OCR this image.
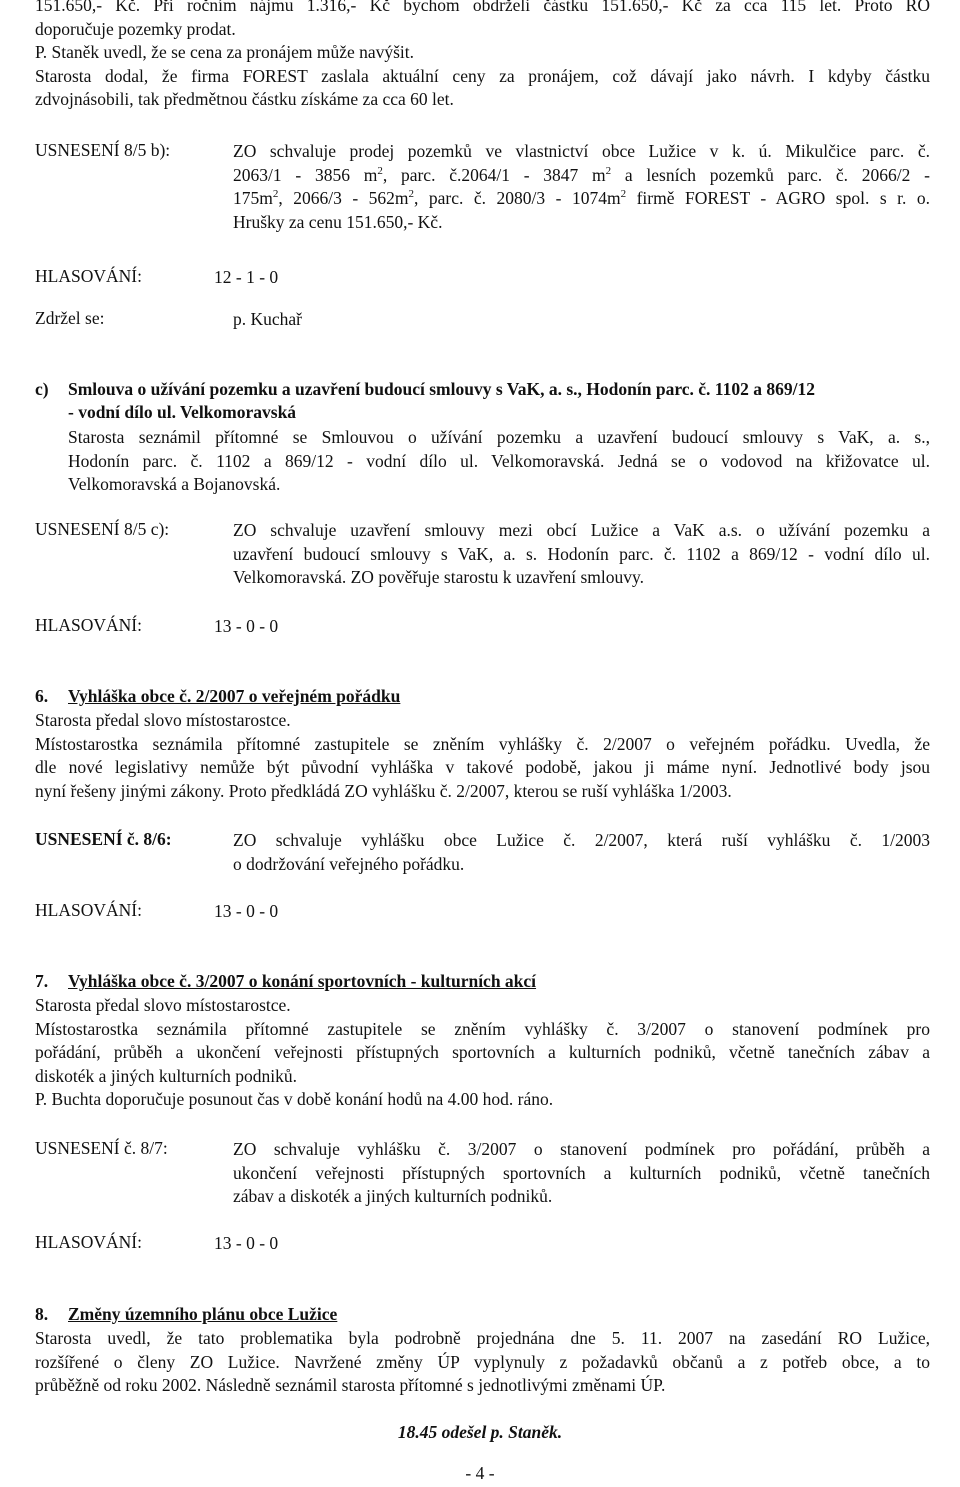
151.650,- Kč. Při ročním nájmu 1.316,- Kč bychom obdrželi částku 151.650,- Kč za cca 115 let. Proto RO
doporučuje pozemky prodat.
P. Staněk uvedl, že se cena za pronájem může navýšit.
Starosta dodal, že firma FOREST zaslala aktuální ceny za pronájem, což dávají jako návrh. I kdyby částku
zdvojnásobili, tak předmětnou částku získáme za cca 60 let.
USNESENÍ 8/5 b):	ZO schvaluje prodej pozemků ve vlastnictví obce Lužice v k. ú. Mikulčice parc. č.
2063/1 - 3856 $m^2$, parc. č.2064/1 - 3847 $m^2$ a lesních pozemků parc. č. 2066/2 -
$175m^2$, $2066/3 - 562m^2$, parc. č. $2080/3 - 1074m^2$ firmě FOREST - AGRO spol. s r. o.
Hrušky za cenu 151.650,- Kč.
HLASOVÁNÍ:	12 - 1 - 0
Zdržel se:	p. Kuchař
c) Smlouva o užívání pozemku a uzavření budoucí smlouvy s VaK, a. s., Hodonín parc. č. 1102 a 869/12
- vodní dílo ul. Velkomoravská
Starosta seznámil přítomné se Smlouvou o užívání pozemku a uzavření budoucí smlouvy s VaK, a. s.,
Hodonín parc. č. 1102 a 869/12 - vodní dílo ul. Velkomoravská. Jedná se o vodovod na křižovatce ul.
Velkomoravská a Bojanovská.
USNESENÍ 8/5 c):	ZO schvaluje uzavření smlouvy mezi obcí Lužice a VaK a.s. o užívání pozemku a
uzavření budoucí smlouvy s VaK, a. s. Hodonín parc. č. 1102 a 869/12 - vodní dílo ul.
Velkomoravská. ZO pověřuje starostu k uzavření smlouvy.
HLASOVÁNÍ:	13 - 0 - 0
6. Vyhláška obce č. 2/2007 o veřejném pořádku
Starosta předal slovo místostarostce.
Místostarostka seznámila přítomné zastupitele se zněním vyhlášky č. 2/2007 o veřejném pořádku. Uvedla, že
dle nové legislativy nemůže být původní vyhláška v takové podobě, jakou ji máme nyní. Jednotlivé body jsou
nyní řešeny jinými zákony. Proto předkládá ZO vyhlášku č. 2/2007, kterou se ruší vyhláška 1/2003.
USNESENÍ č. 8/6:	ZO schvaluje vyhlášku obce Lužice č. 2/2007, která ruší vyhlášku č. 1/2003
o dodržování veřejného pořádku.
HLASOVÁNÍ:	13 - 0 - 0
7. Vyhláška obce č. 3/2007 o konání sportovních - kulturních akcí
Starosta předal slovo místostarostce.
Místostarostka seznámila přítomné zastupitele se zněním vyhlášky č. 3/2007 o stanovení podmínek pro
pořádání, průběh a ukončení veřejnosti přístupných sportovních a kulturních podniků, včetně tanečních zábav a
diskoték a jiných kulturních podniků.
P. Buchta doporučuje posunout čas v době konání hodů na 4.00 hod. ráno.
USNESENÍ č. 8/7:	ZO schvaluje vyhlášku č. 3/2007 o stanovení podmínek pro pořádání, průběh a
ukončení veřejnosti přístupných sportovních a kulturních podniků, včetně tanečních
zábav a diskoték a jiných kulturních podniků.
HLASOVÁNÍ:	13 - 0 - 0
8. Změny územního plánu obce Lužice
Starosta uvedl, že tato problematika byla podrobně projednána dne 5. 11. 2007 na zasedání RO Lužice,
rozšířené o členy ZO Lužice. Navržené změny ÚP vyplynuly z požadavků občanů a z potřeb obce, a to
průběžně od roku 2002. Následně seznámil starosta přítomné s jednotlivými změnami ÚP.
18.45 odešel p. Staněk.
- 4 -
